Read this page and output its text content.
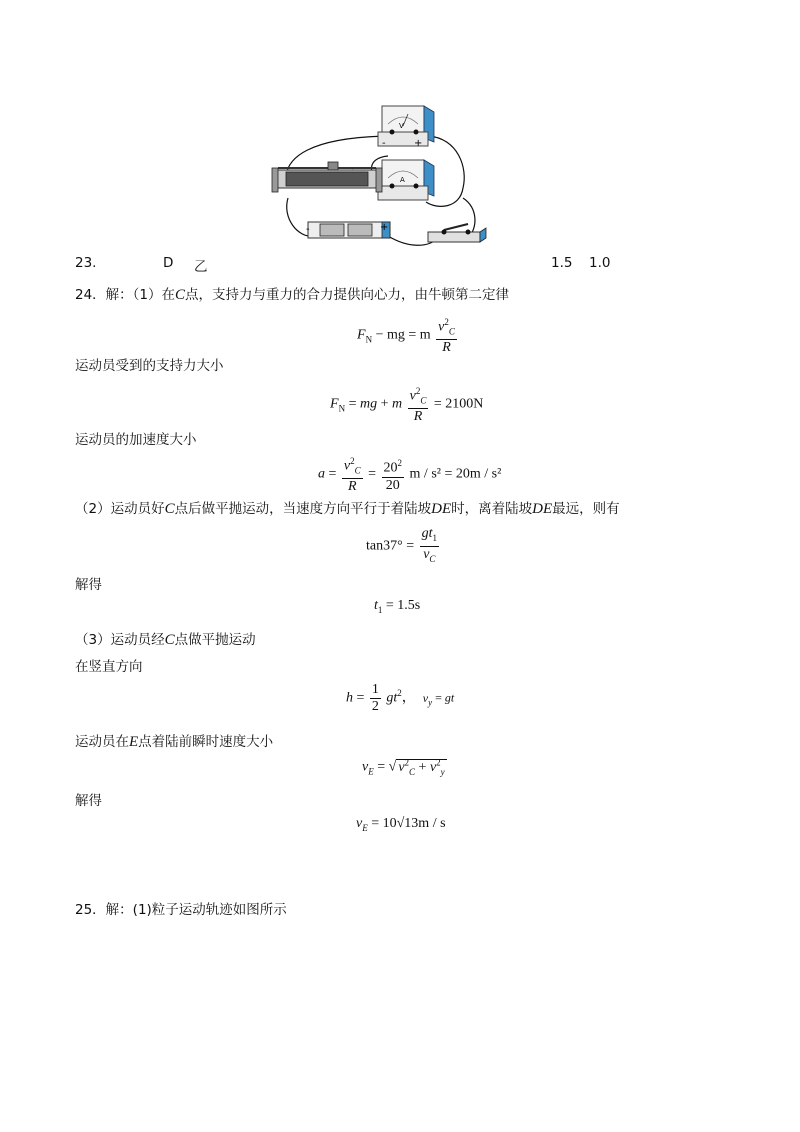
V
-	+
A
-	+
23.	D 乙	1.5 1.0
24．解：（1）在C点，支持力与重力的合力提供向心力，由牛顿第二定律
$F_N$ − mg = m $\frac{v^2_C}{R}$
运动员受到的支持力大小
$F_N$ = mg + m $\frac{v^2_C}{R} = 2100N$
运动员的加速度大小
$a = \frac{v^2_C}{R} = \frac{20^2}{20}$ m / s² = 20m / s²
（2）运动员好C点后做平抛运动，当速度方向平行于着陆坡DE时，离着陆坡DE最远，则有
$\tan 37^\circ = \frac{gt_1}{v_C}$
解得
$t_1 = 1.5s$
（3）运动员经C点做平抛运动
在竖直方向
$h = \frac{1}{2} gt^2$，  $v_y$ = gt
运动员在E点着陆前瞬时速度大小
$v_E$ = √ $v^2_C + v^2_y$
解得
$v_E = 10√13m / s$
25．解：(1)粒子运动轨迹如图所示
